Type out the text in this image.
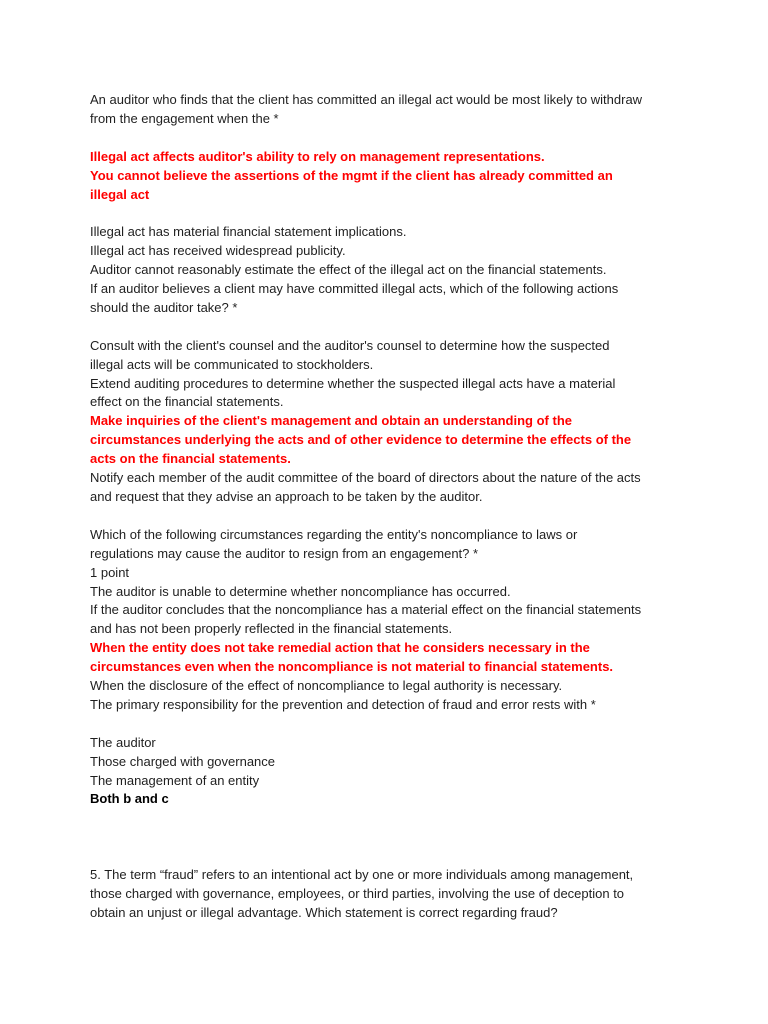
An auditor who finds that the client has committed an illegal act would be most likely to withdraw
from the engagement when the *
Illegal act affects auditor's ability to rely on management representations.
You cannot believe the assertions of the mgmt if the client has already committed an
illegal act
Illegal act has material financial statement implications.
Illegal act has received widespread publicity.
Auditor cannot reasonably estimate the effect of the illegal act on the financial statements.
If an auditor believes a client may have committed illegal acts, which of the following actions
should the auditor take? *
Consult with the client's counsel and the auditor's counsel to determine how the suspected
illegal acts will be communicated to stockholders.
Extend auditing procedures to determine whether the suspected illegal acts have a material
effect on the financial statements.
Make inquiries of the client's management and obtain an understanding of the
circumstances underlying the acts and of other evidence to determine the effects of the
acts on the financial statements.
Notify each member of the audit committee of the board of directors about the nature of the acts
and request that they advise an approach to be taken by the auditor.
Which of the following circumstances regarding the entity's noncompliance to laws or
regulations may cause the auditor to resign from an engagement? *
1 point
The auditor is unable to determine whether noncompliance has occurred.
If the auditor concludes that the noncompliance has a material effect on the financial statements
and has not been properly reflected in the financial statements.
When the entity does not take remedial action that he considers necessary in the
circumstances even when the noncompliance is not material to financial statements.
When the disclosure of the effect of noncompliance to legal authority is necessary.
The primary responsibility for the prevention and detection of fraud and error rests with *
The auditor
Those charged with governance
The management of an entity
Both b and c
5. The term “fraud” refers to an intentional act by one or more individuals among management,
those charged with governance, employees, or third parties, involving the use of deception to
obtain an unjust or illegal advantage. Which statement is correct regarding fraud?
